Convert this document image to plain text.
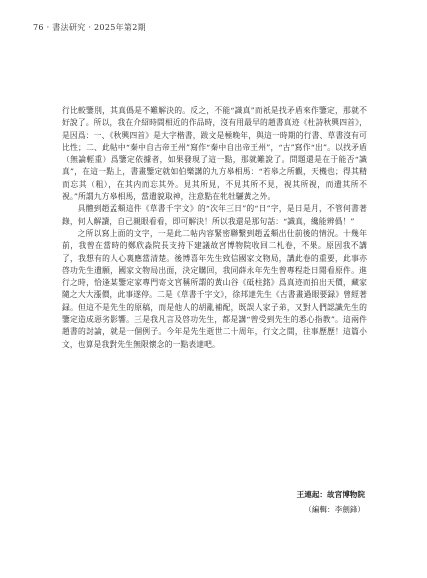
76 · 書法研究 · 2025年第2期

行比較鑒別，其真僞是不難解決的。反之，不能“識真”而祇是找矛盾來作鑒定，那就不好說了。所以，我在介紹時間相近的作品時，沒有用最早的趙書真迹《杜詩秋興四首》，是因爲：一、《秋興四首》是大字楷書，跋文是極晚年，與這一時期的行書、草書沒有可比性；二、此帖中“秦中自古帝王州”寫作“秦中自出帝王州”，“古”寫作“出”。以找矛盾（無論輕重）爲鑒定依據者，如果發現了這一點，那就難說了。問題還是在于能否“識真”，在這一點上，書畫鑒定就如伯樂講的九方皋相馬：“若皋之所觀，天機也；得其精而忘其（粗），在其内而忘其外。見其所見，不見其所不見，視其所視，而遺其所不視。”所謂九方皋相馬，當遺貌取神，注意點在牝牡驪黃之外。

具體到趙孟頫這件《草書千字文》的“次年三日”的“日”字，是日是月，不管何書著錄，何人解讀，自己親眼看看，即可解決！所以我還是那句話：“識真，纔能辨僞！”

之所以寫上面的文字，一是此二帖内容緊密聯繫到趙孟頫出仕前後的情況。十幾年前，我曾在當時的鄭欣淼院長支持下建議故宮博物院收回二札卷，不果。原因我不講了，我想有的人心裏應當清楚。後博喜年先生致信國家文物局，講此卷的重要，此事亦啓功先生遺願，國家文物局出面，決定購回，我同薛永年先生曾專程赴日閲看原件。進行之時，恰逢某鑒定家專門寄文宮稱所謂的黃山谷《砥柱銘》爲真迹而拍出天價，藏家隨之大大漲價，此事遂停。二是《草書千字文》，徐邦達先生《古書畫過眼要録》曾經著録。但這不是先生的原稿，而是他人的胡亂補配，既誤人家子弟，又對人們認識先生的鑒定造成惡劣影響。三是我凡言及啓功先生，都是講“曾受到先生的悉心指教”。這兩件趙書的討論，就是一個例子。今年是先生逝世二十周年，行文之間，往事歷歷！這篇小文，也算是我對先生無限懷念的一點表達吧。

王連起：故宮博物院
（編輯：李劍鋒）
